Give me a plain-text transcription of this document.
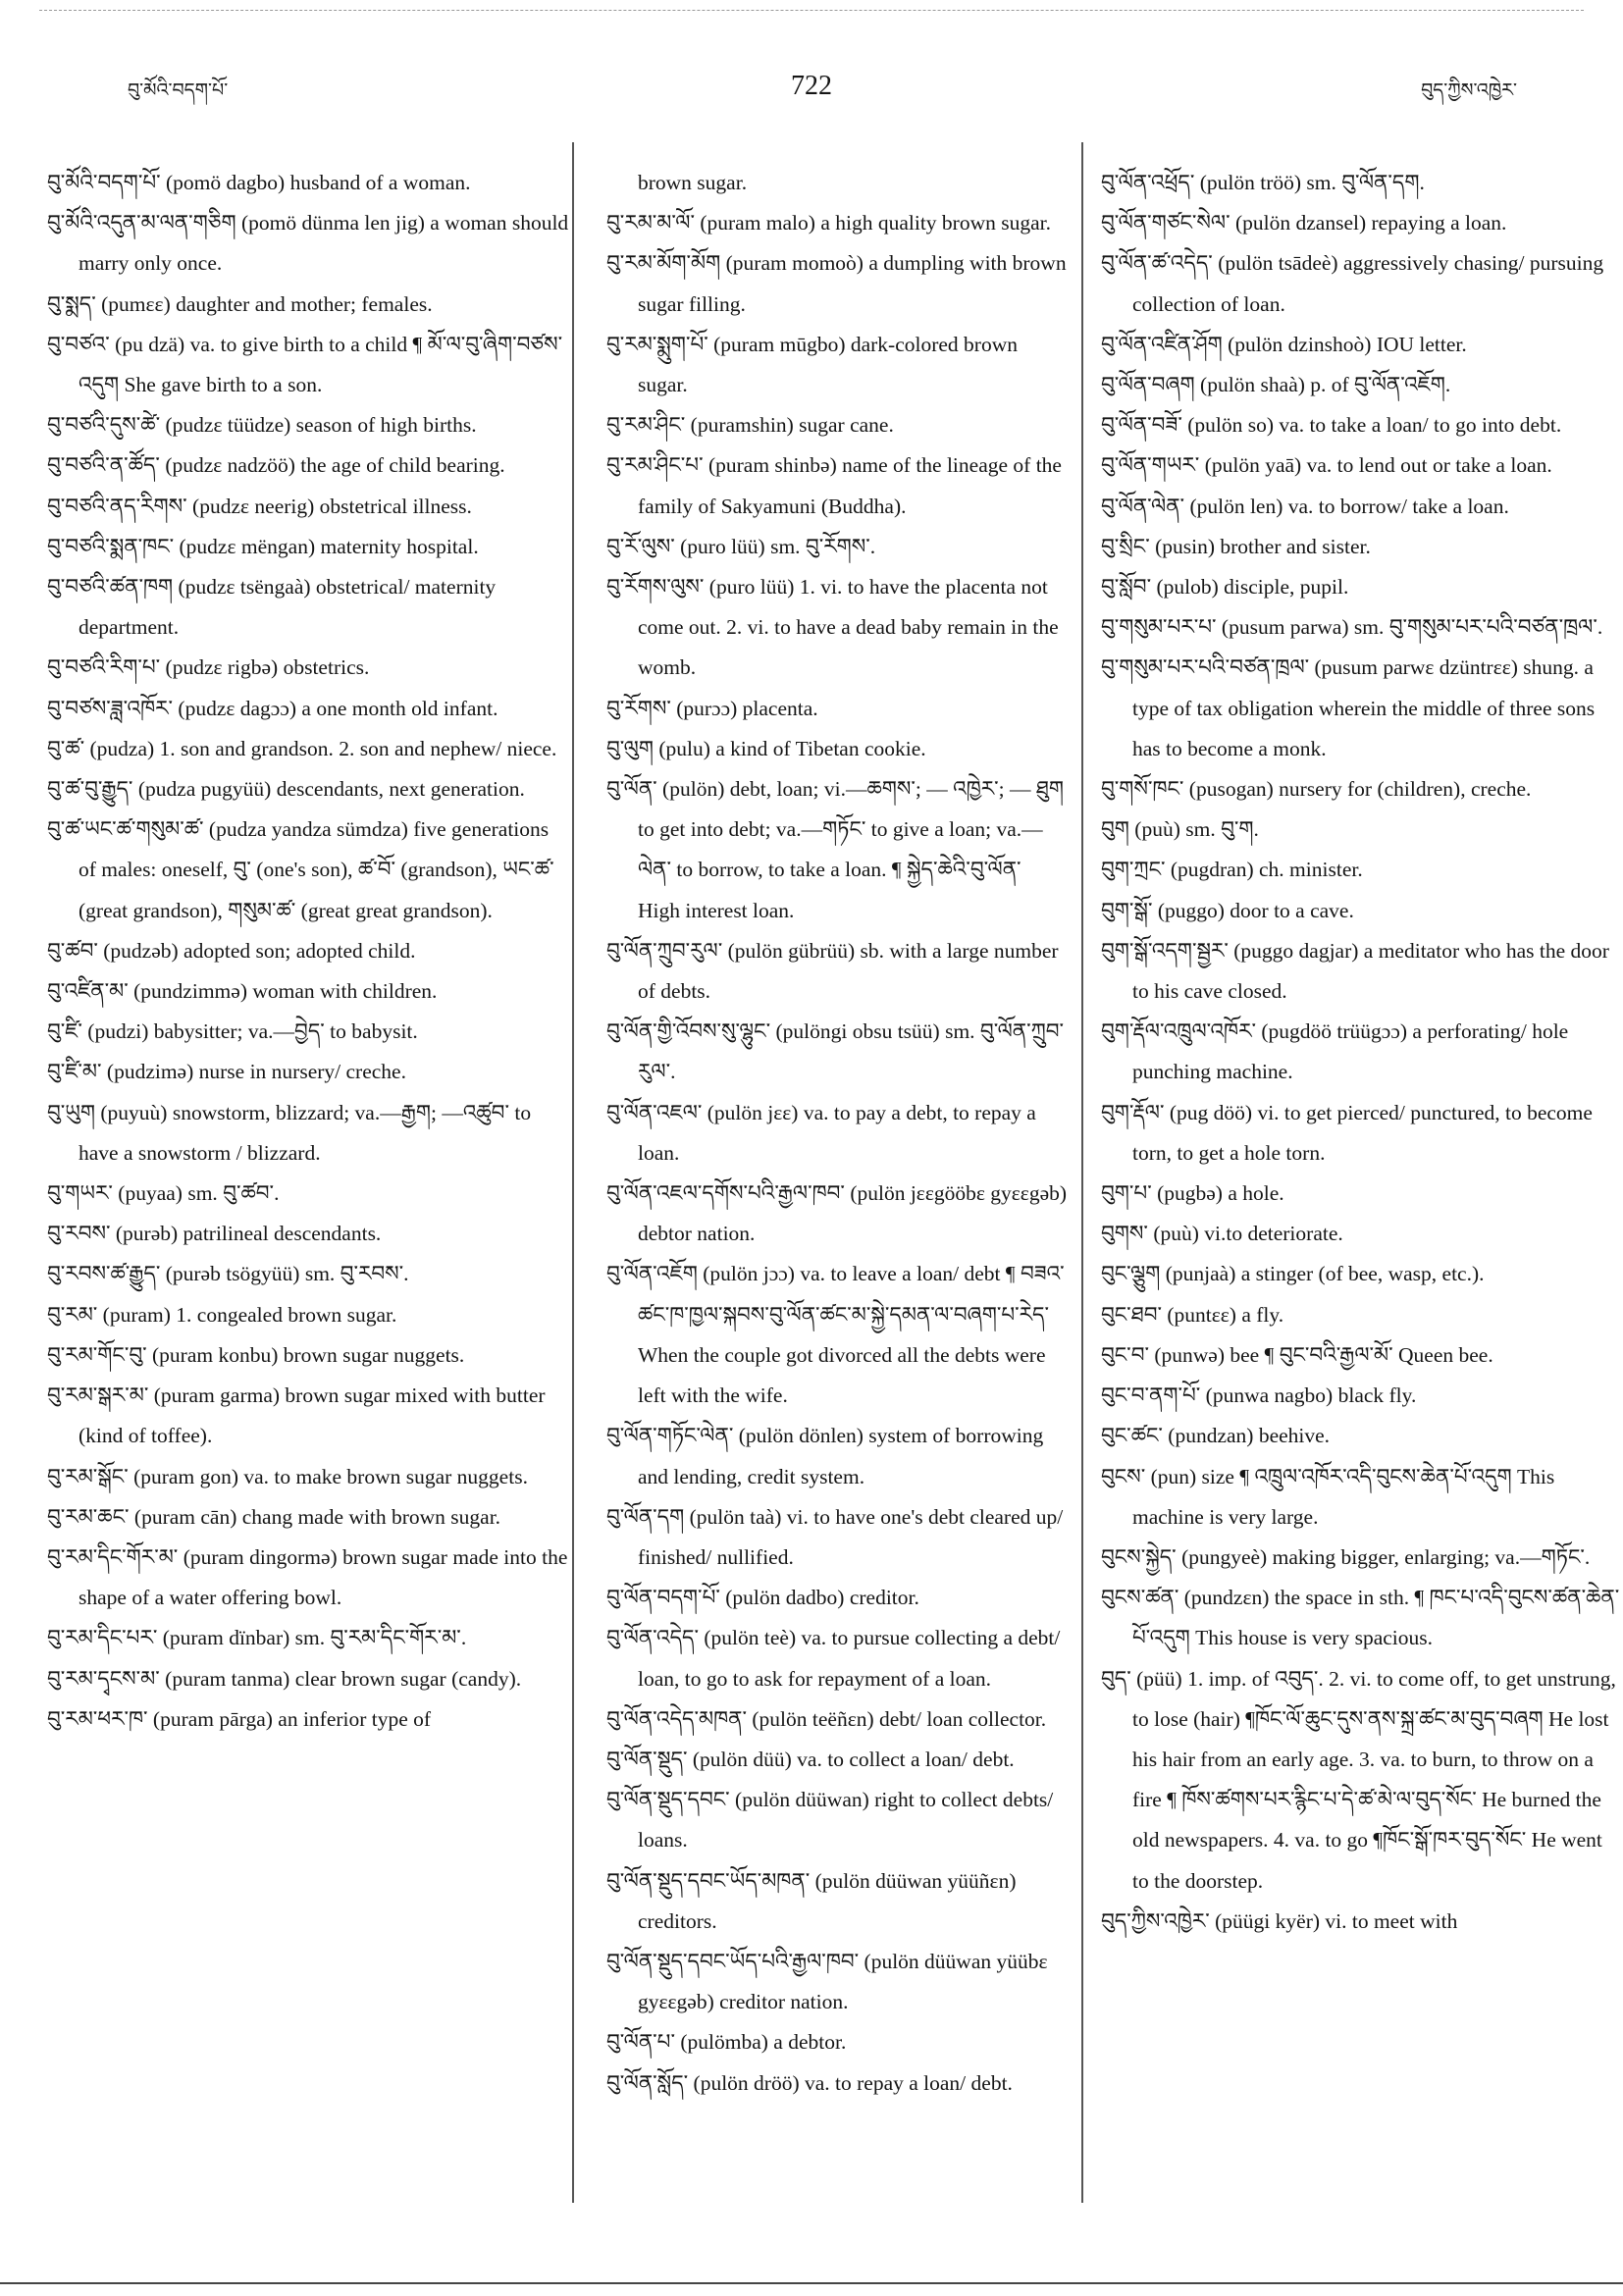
བུ་མོའི་བདག་པོ་	722	བུད་ཀྱིས་འཁྱེར་

བུ་མོའི་བདག་པོ་ (pomö dagbo) husband of a woman.

བུ་མོའི་འདུན་མ་ལན་གཅིག (pomö dünma len jig) a woman should marry only once.

བུ་སྨད་ (pumεε) daughter and mother; females.

བུ་བཙའ་ (pu dzä) va. to give birth to a child ¶ མོ་ལ་བུ་ཞིག་བཙས་འདུག She gave birth to a son.

བུ་བཙའི་དུས་ཚེ་ (pudzε tüüdze) season of high births.

བུ་བཙའི་ན་ཚོད་ (pudzε nadzöö) the age of child bearing.

བུ་བཙའི་ནད་རིགས་ (pudzε neerig) obstetrical illness.

བུ་བཙའི་སྨན་ཁང་ (pudzε mëngan) maternity hospital.

བུ་བཙའི་ཚན་ཁག (pudzε tsëngaà) obstetrical/ maternity department.

བུ་བཙའི་རིག་པ་ (pudzε rigbə) obstetrics.

བུ་བཙས་ཟླ་འཁོར་ (pudzε dagɔɔ) a one month old infant.

བུ་ཚ་ (pudza) 1. son and grandson. 2. son and nephew/ niece.

བུ་ཚ་བུ་རྒྱུད་ (pudza pugyüü) descendants, next generation.

བུ་ཚ་ཡང་ཚ་གསུམ་ཚ་ (pudza yandza sümdza) five generations of males: oneself, བུ་ (one's son), ཚ་བོ་ (grandson), ཡང་ཚ་ (great grandson), གསུམ་ཚ་ (great great grandson).

བུ་ཚབ་ (pudzəb) adopted son; adopted child.

བུ་འཛིན་མ་ (pundzimmə) woman with children.

བུ་ཛི་ (pudzi) babysitter; va.—བྱེད་ to babysit.

བུ་ཛི་མ་ (pudzimə) nurse in nursery/ creche.

བུ་ཡུག (puyuù) snowstorm, blizzard; va.—རྒྱག; —འཚུབ་ to have a snowstorm / blizzard.

བུ་གཡར་ (puyaa) sm. བུ་ཚབ་.

བུ་རབས་ (purəb) patrilineal descendants.

བུ་རབས་ཚ་རྒྱུད་ (purəb tsögyüü) sm. བུ་རབས་.

བུ་རམ་ (puram) 1. congealed brown sugar.

བུ་རམ་གོང་བུ་ (puram konbu) brown sugar nuggets.

བུ་རམ་སྒར་མ་ (puram garma) brown sugar mixed with butter (kind of toffee).

བུ་རམ་སྒོང་ (puram gon) va. to make brown sugar nuggets.

བུ་རམ་ཆང་ (puram cān) chang made with brown sugar.

བུ་རམ་དིང་གོར་མ་ (puram dingormə) brown sugar made into the shape of a water offering bowl.

བུ་རམ་དིང་པར་ (puram dïnbar) sm. བུ་རམ་དིང་གོར་མ་.

བུ་རམ་དྭངས་མ་ (puram tanma) clear brown sugar (candy).

བུ་རམ་ཕར་ཁ་ (puram pārga) an inferior type of

brown sugar.

བུ་རམ་མ་ལོ་ (puram malo) a high quality brown sugar.

བུ་རམ་མོག་མོག (puram momoò) a dumpling with brown sugar filling.

བུ་རམ་སྨུག་པོ་ (puram mūgbo) dark-colored brown sugar.

བུ་རམ་ཤིང་ (puramshin) sugar cane.

བུ་རམ་ཤིང་པ་ (puram shinbə) name of the lineage of the family of Sakyamuni (Buddha).

བུ་རོ་ལུས་ (puro lüü) sm. བུ་རོགས་.

བུ་རོགས་ལུས་ (puro lüü) 1. vi. to have the placenta not come out. 2. vi. to have a dead baby remain in the womb.

བུ་རོགས་ (purɔɔ) placenta.

བུ་ལུག (pulu) a kind of Tibetan cookie.

བུ་ལོན་ (pulön) debt, loan; vi.—ཆགས་; — འཁྱེར་; — ཐུག to get into debt; va.—གཏོང་ to give a loan; va.—ལེན་ to borrow, to take a loan. ¶ སྐྱེད་ཆེའི་བུ་ལོན་ High interest loan.

བུ་ལོན་ཀྲུབ་རུལ་ (pulön gübrüü) sb. with a large number of debts.

བུ་ལོན་གྱི་འོབས་སུ་ལྷུང་ (pulöngi obsu tsüü) sm. བུ་ལོན་ཀྲུབ་རུལ་.

བུ་ལོན་འཇལ་ (pulön jεε) va. to pay a debt, to repay a loan.

བུ་ལོན་འཇལ་དགོས་པའི་རྒྱལ་ཁབ་ (pulön jεεgööbε gyεεgəb) debtor nation.

བུ་ལོན་འཇོག (pulön jɔɔ) va. to leave a loan/ debt ¶ བཟའ་ཚང་ཁ་ཁྱལ་སྐབས་བུ་ལོན་ཚང་མ་སྐྱེ་དམན་ལ་བཞག་པ་རེད་ When the couple got divorced all the debts were left with the wife.

བུ་ལོན་གཏོང་ལེན་ (pulön dönlen) system of borrowing and lending, credit system.

བུ་ལོན་དག (pulön taà) vi. to have one's debt cleared up/ finished/ nullified.

བུ་ལོན་བདག་པོ་ (pulön dadbo) creditor.

བུ་ལོན་འདེད་ (pulön teè) va. to pursue collecting a debt/ loan, to go to ask for repayment of a loan.

བུ་ལོན་འདེད་མཁན་ (pulön teëñεn) debt/ loan collector.

བུ་ལོན་སྡུད་ (pulön düü) va. to collect a loan/ debt.

བུ་ལོན་སྡུད་དབང་ (pulön düüwan) right to collect debts/ loans.

བུ་ལོན་སྡུད་དབང་ཡོད་མཁན་ (pulön düüwan yüüñεn) creditors.

བུ་ལོན་སྡུད་དབང་ཡོད་པའི་རྒྱལ་ཁབ་ (pulön düüwan yüübε gyεεgəb) creditor nation.

བུ་ལོན་པ་ (pulömba) a debtor.

བུ་ལོན་སློད་ (pulön drӧö) va. to repay a loan/ debt.

བུ་ལོན་འཕྲོད་ (pulön tröö) sm. བུ་ལོན་དག.

བུ་ལོན་གཙང་སེལ་ (pulön dzansel) repaying a loan.

བུ་ལོན་ཚ་འདེད་ (pulön tsādeè) aggressively chasing/ pursuing collection of loan.

བུ་ལོན་འཛིན་ཤོག (pulön dzinshoò) IOU letter.

བུ་ལོན་བཞག (pulön shaà) p. of བུ་ལོན་འཇོག.

བུ་ལོན་བཟོ་ (pulön so) va. to take a loan/ to go into debt.

བུ་ལོན་གཡར་ (pulön yaā) va. to lend out or take a loan.

བུ་ལོན་ལེན་ (pulön len) va. to borrow/ take a loan.

བུ་སྲིང་ (pusin) brother and sister.

བུ་སློབ་ (pulob) disciple, pupil.

བུ་གསུམ་པར་པ་ (pusum parwa) sm. བུ་གསུམ་པར་པའི་བཙན་ཁྲལ་.

བུ་གསུམ་པར་པའི་བཙན་ཁྲལ་ (pusum parwε dzüntrεε) shung. a type of tax obligation wherein the middle of three sons has to become a monk.

བུ་གསོ་ཁང་ (pusogan) nursery for (children), creche.

བུག (puù) sm. བུ་ག.

བུག་ཀྲང་ (pugdran) ch. minister.

བུག་སྒོ་ (puggo) door to a cave.

བུག་སྒོ་འདག་སྦྱར་ (puggo dagjar) a meditator who has the door to his cave closed.

བུག་རྡོལ་འཁྲུལ་འཁོར་ (pugdöö trüügɔɔ) a perforating/ hole punching machine.

བུག་རྡོལ་ (pug döö) vi. to get pierced/ punctured, to become torn, to get a hole torn.

བུག་པ་ (pugbə) a hole.

བུགས་ (puù) vi.to deteriorate.

བུང་ལྕུག (punjaà) a stinger (of bee, wasp, etc.).

བུང་ཐབ་ (puntεε) a fly.

བུང་བ་ (punwə) bee ¶ བུང་བའི་རྒྱལ་མོ་ Queen bee.

བུང་བ་ནག་པོ་ (punwa nagbo) black fly.

བུང་ཚང་ (pundzan) beehive.

བུངས་ (pun) size ¶ འཁྲུལ་འཁོར་འདི་བུངས་ཆེན་པོ་འདུག This machine is very large.

བུངས་སྐྱེད་ (pungyeè) making bigger, enlarging; va.—གཏོང་.

བུངས་ཚན་ (pundzεn) the space in sth. ¶ ཁང་པ་འདི་བུངས་ཚན་ཆེན་པོ་འདུག This house is very spacious.

བུད་ (püü) 1. imp. of འབུད་. 2. vi. to come off, to get unstrung, to lose (hair) ¶ཁོང་ལོ་ཆུང་དུས་ནས་སྐྲ་ཚང་མ་བུད་བཞག He lost his hair from an early age. 3. va. to burn, to throw on a fire ¶ ཁོས་ཚགས་པར་རྙིང་པ་དེ་ཚ་མེ་ལ་བུད་སོང་ He burned the old newspapers. 4. va. to go ¶ཁོང་སྒོ་ཁར་བུད་སོང་ He went to the doorstep.

བུད་ཀྱིས་འཁྱེར་ (püügi kyër) vi. to meet with
